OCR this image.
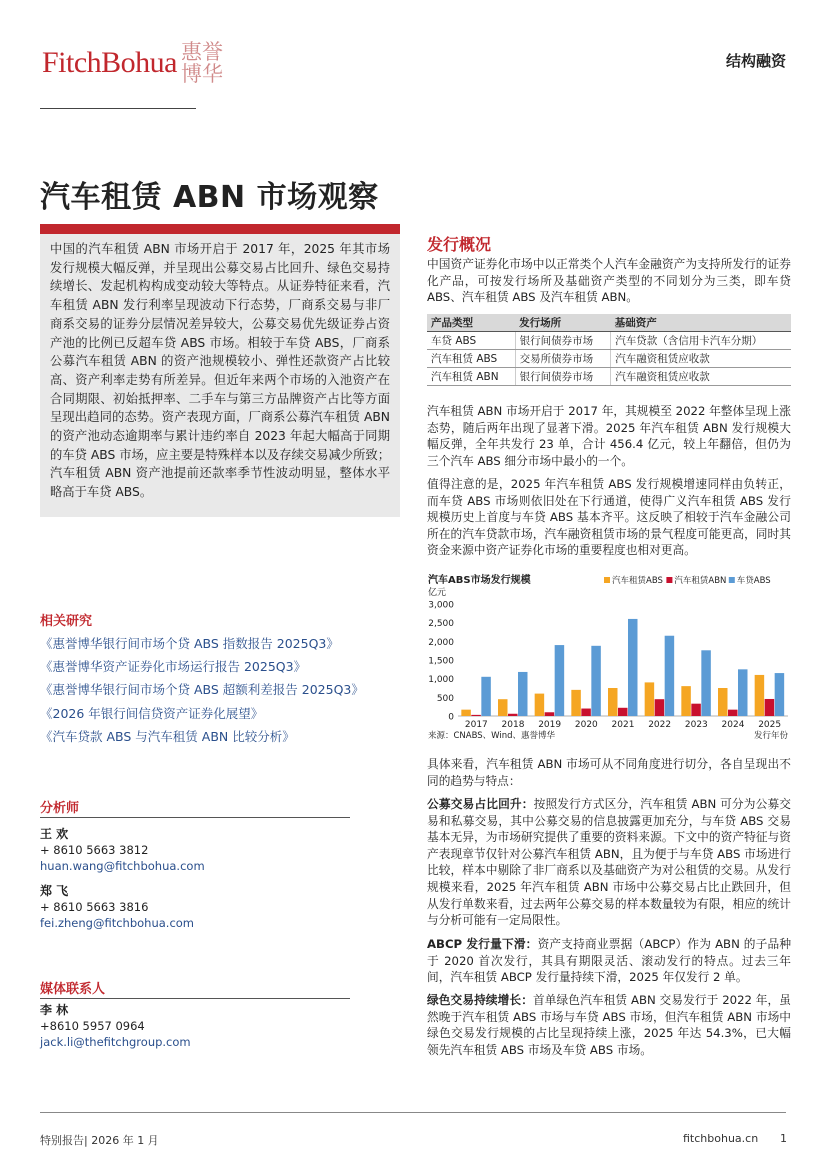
FitchBohua 惠誉博华
结构融资
汽车租赁 ABN 市场观察
中国的汽车租赁 ABN 市场开启于 2017 年，2025 年其市场发行规模大幅反弹，并呈现出公募交易占比回升、绿色交易持续增长、发起机构构成变动较大等特点。从证券特征来看，汽车租赁 ABN 发行利率呈现波动下行态势，厂商系交易与非厂商系交易的证券分层情况差异较大，公募交易优先级证券占资产池的比例已反超车贷 ABS 市场。相较于车贷 ABS，厂商系公募汽车租赁 ABN 的资产池规模较小、弹性还款资产占比较高、资产利率走势有所差异。但近年来两个市场的入池资产在合同期限、初始抵押率、二手车与第三方品牌资产占比等方面呈现出趋同的态势。资产表现方面，厂商系公募汽车租赁 ABN 的资产池动态逾期率与累计违约率自 2023 年起大幅高于同期的车贷 ABS 市场，应主要是特殊样本以及存续交易减少所致；汽车租赁 ABN 资产池提前还款率季节性波动明显，整体水平略高于车贷 ABS。
相关研究
《惠誉博华银行间市场个贷 ABS 指数报告 2025Q3》
《惠誉博华资产证券化市场运行报告 2025Q3》
《惠誉博华银行间市场个贷 ABS 超额利差报告 2025Q3》
《2026 年银行间信贷资产证券化展望》
《汽车贷款 ABS 与汽车租赁 ABN 比较分析》
分析师
王 欢
+ 8610 5663 3812
huan.wang@fitchbohua.com
郑 飞
+ 8610 5663 3816
fei.zheng@fitchbohua.com
媒体联系人
李 林
+8610 5957 0964
jack.li@thefitchgroup.com
发行概况
中国资产证券化市场中以正常类个人汽车金融资产为支持所发行的证券化产品，可按发行场所及基础资产类型的不同划分为三类，即车贷 ABS、汽车租赁 ABS 及汽车租赁 ABN。
产品类型	发行场所	基础资产
车贷 ABS	银行间债券市场	汽车贷款（含信用卡汽车分期）
汽车租赁 ABS	交易所债券市场	汽车融资租赁应收款
汽车租赁 ABN	银行间债券市场	汽车融资租赁应收款
汽车租赁 ABN 市场开启于 2017 年，其规模至 2022 年整体呈现上涨态势，随后两年出现了显著下滑。2025 年汽车租赁 ABN 发行规模大幅反弹，全年共发行 23 单，合计 456.4 亿元，较上年翻倍，但仍为三个汽车 ABS 细分市场中最小的一个。
值得注意的是，2025 年汽车租赁 ABS 发行规模增速同样由负转正，而车贷 ABS 市场则依旧处在下行通道，使得广义汽车租赁 ABS 发行规模历史上首度与车贷 ABS 基本齐平。这反映了相较于汽车金融公司所在的汽车贷款市场，汽车融资租赁市场的景气程度可能更高，同时其资金来源中资产证券化市场的重要程度也相对更高。
汽车ABS市场发行规模
亿元
汽车租赁ABS 汽车租赁ABN 车贷ABS
3,000
2,500
2,000
1,500
1,000
500
0
2017 2018 2019 2020 2021 2022 2023 2024 2025
来源：CNABS、Wind、惠誉博华	发行年份
具体来看，汽车租赁 ABN 市场可从不同角度进行切分，各自呈现出不同的趋势与特点：
公募交易占比回升：按照发行方式区分，汽车租赁 ABN 可分为公募交易和私募交易，其中公募交易的信息披露更加充分，与车贷 ABS 交易基本无异，为市场研究提供了重要的资料来源。下文中的资产特征与资产表现章节仅针对公募汽车租赁 ABN，且为便于与车贷 ABS 市场进行比较，样本中剔除了非厂商系以及基础资产为对公租赁的交易。从发行规模来看，2025 年汽车租赁 ABN 市场中公募交易占比止跌回升，但从发行单数来看，过去两年公募交易的样本数量较为有限，相应的统计与分析可能有一定局限性。
ABCP 发行量下滑：资产支持商业票据（ABCP）作为 ABN 的子品种于 2020 首次发行，其具有期限灵活、滚动发行的特点。过去三年间，汽车租赁 ABCP 发行量持续下滑，2025 年仅发行 2 单。
绿色交易持续增长：首单绿色汽车租赁 ABN 交易发行于 2022 年，虽然晚于汽车租赁 ABS 市场与车贷 ABS 市场，但汽车租赁 ABN 市场中绿色交易发行规模的占比呈现持续上涨，2025 年达 54.3%，已大幅领先汽车租赁 ABS 市场及车贷 ABS 市场。
特别报告| 2026 年 1 月	fitchbohua.cn 1
